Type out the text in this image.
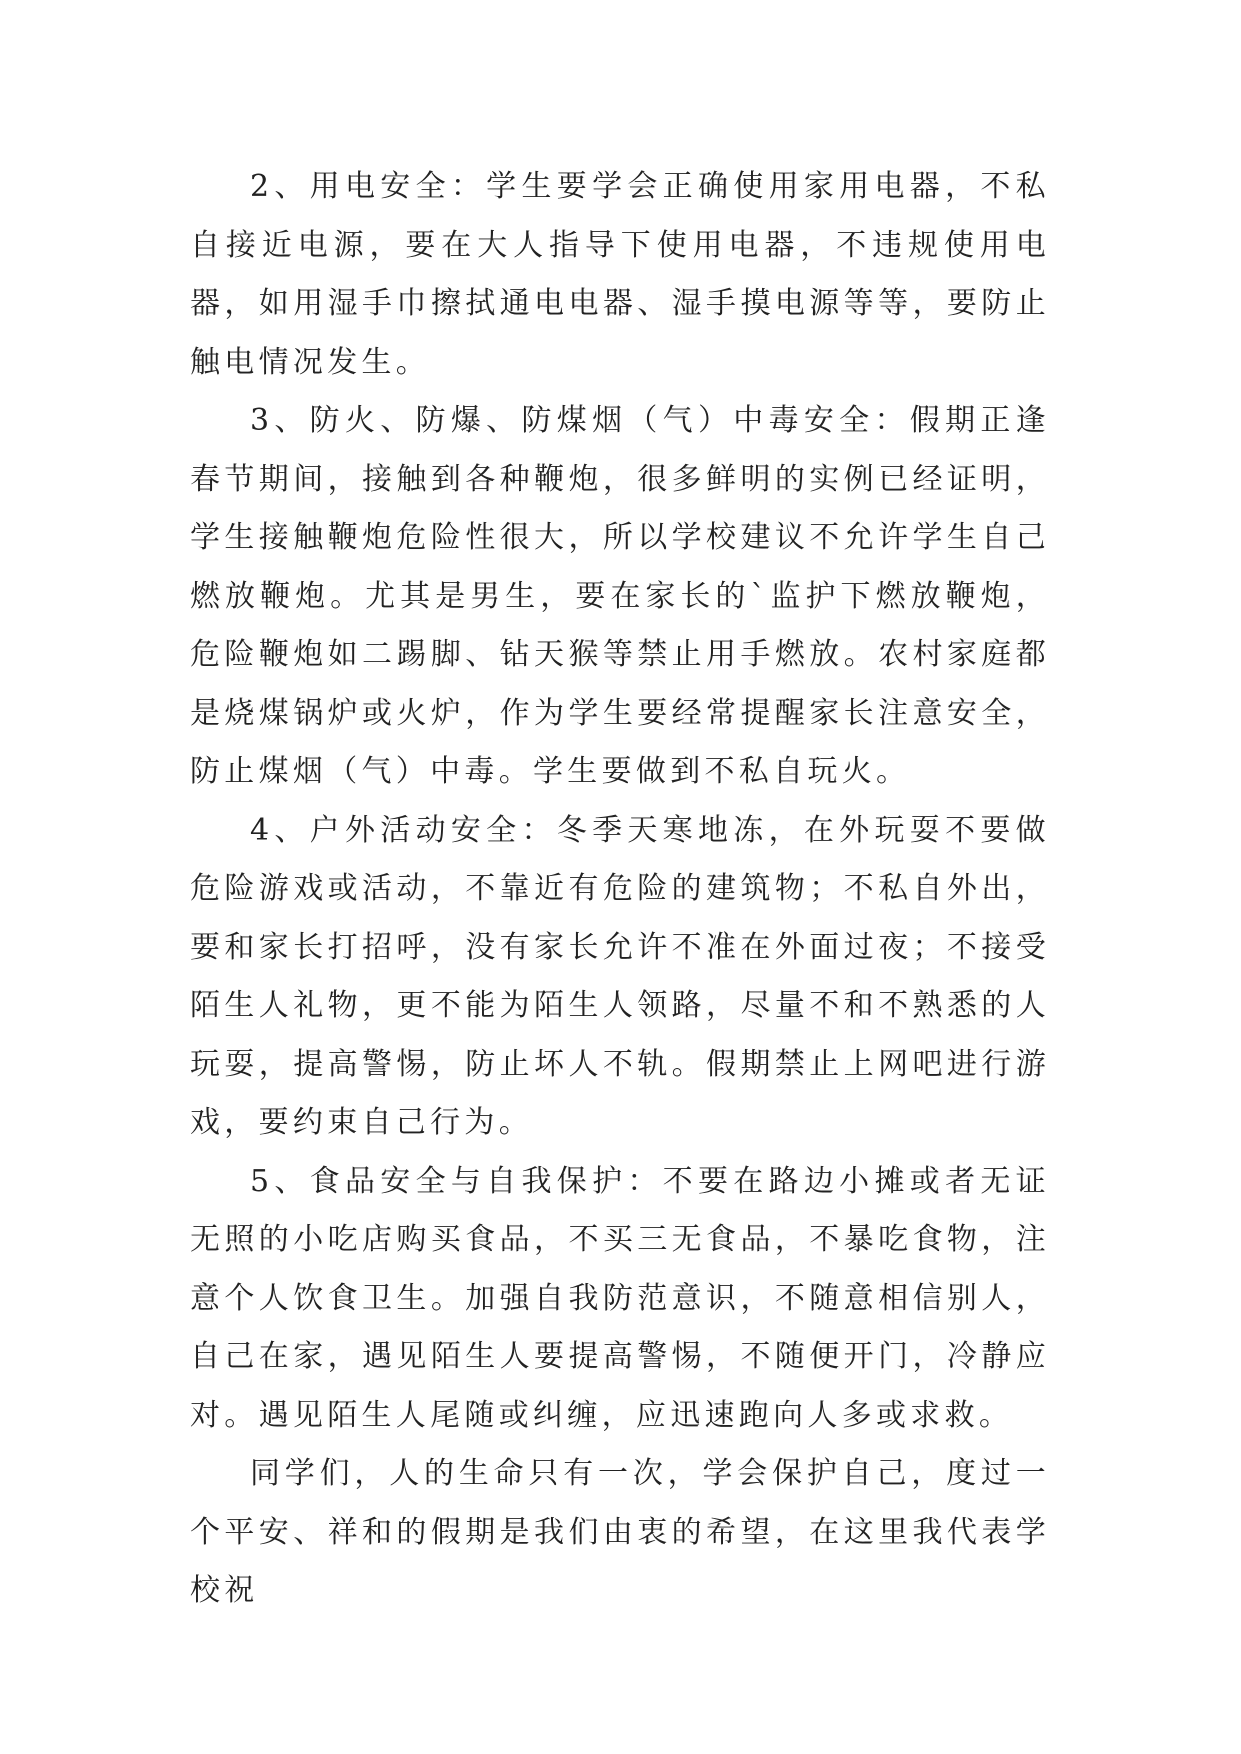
2、用电安全：学生要学会正确使用家用电器，不私自接近电源，要在大人指导下使用电器，不违规使用电器，如用湿手巾擦拭通电电器、湿手摸电源等等，要防止触电情况发生。

3、防火、防爆、防煤烟（气）中毒安全：假期正逢春节期间，接触到各种鞭炮，很多鲜明的实例已经证明，学生接触鞭炮危险性很大，所以学校建议不允许学生自己燃放鞭炮。尤其是男生，要在家长的`监护下燃放鞭炮，危险鞭炮如二踢脚、钻天猴等禁止用手燃放。农村家庭都是烧煤锅炉或火炉，作为学生要经常提醒家长注意安全，防止煤烟（气）中毒。学生要做到不私自玩火。

4、户外活动安全：冬季天寒地冻，在外玩耍不要做危险游戏或活动，不靠近有危险的建筑物；不私自外出，要和家长打招呼，没有家长允许不准在外面过夜；不接受陌生人礼物，更不能为陌生人领路，尽量不和不熟悉的人玩耍，提高警惕，防止坏人不轨。假期禁止上网吧进行游戏，要约束自己行为。

5、食品安全与自我保护：不要在路边小摊或者无证无照的小吃店购买食品，不买三无食品，不暴吃食物，注意个人饮食卫生。加强自我防范意识，不随意相信别人，自己在家，遇见陌生人要提高警惕，不随便开门，冷静应对。遇见陌生人尾随或纠缠，应迅速跑向人多或求救。

同学们，人的生命只有一次，学会保护自己，度过一个平安、祥和的假期是我们由衷的希望，在这里我代表学校祝
